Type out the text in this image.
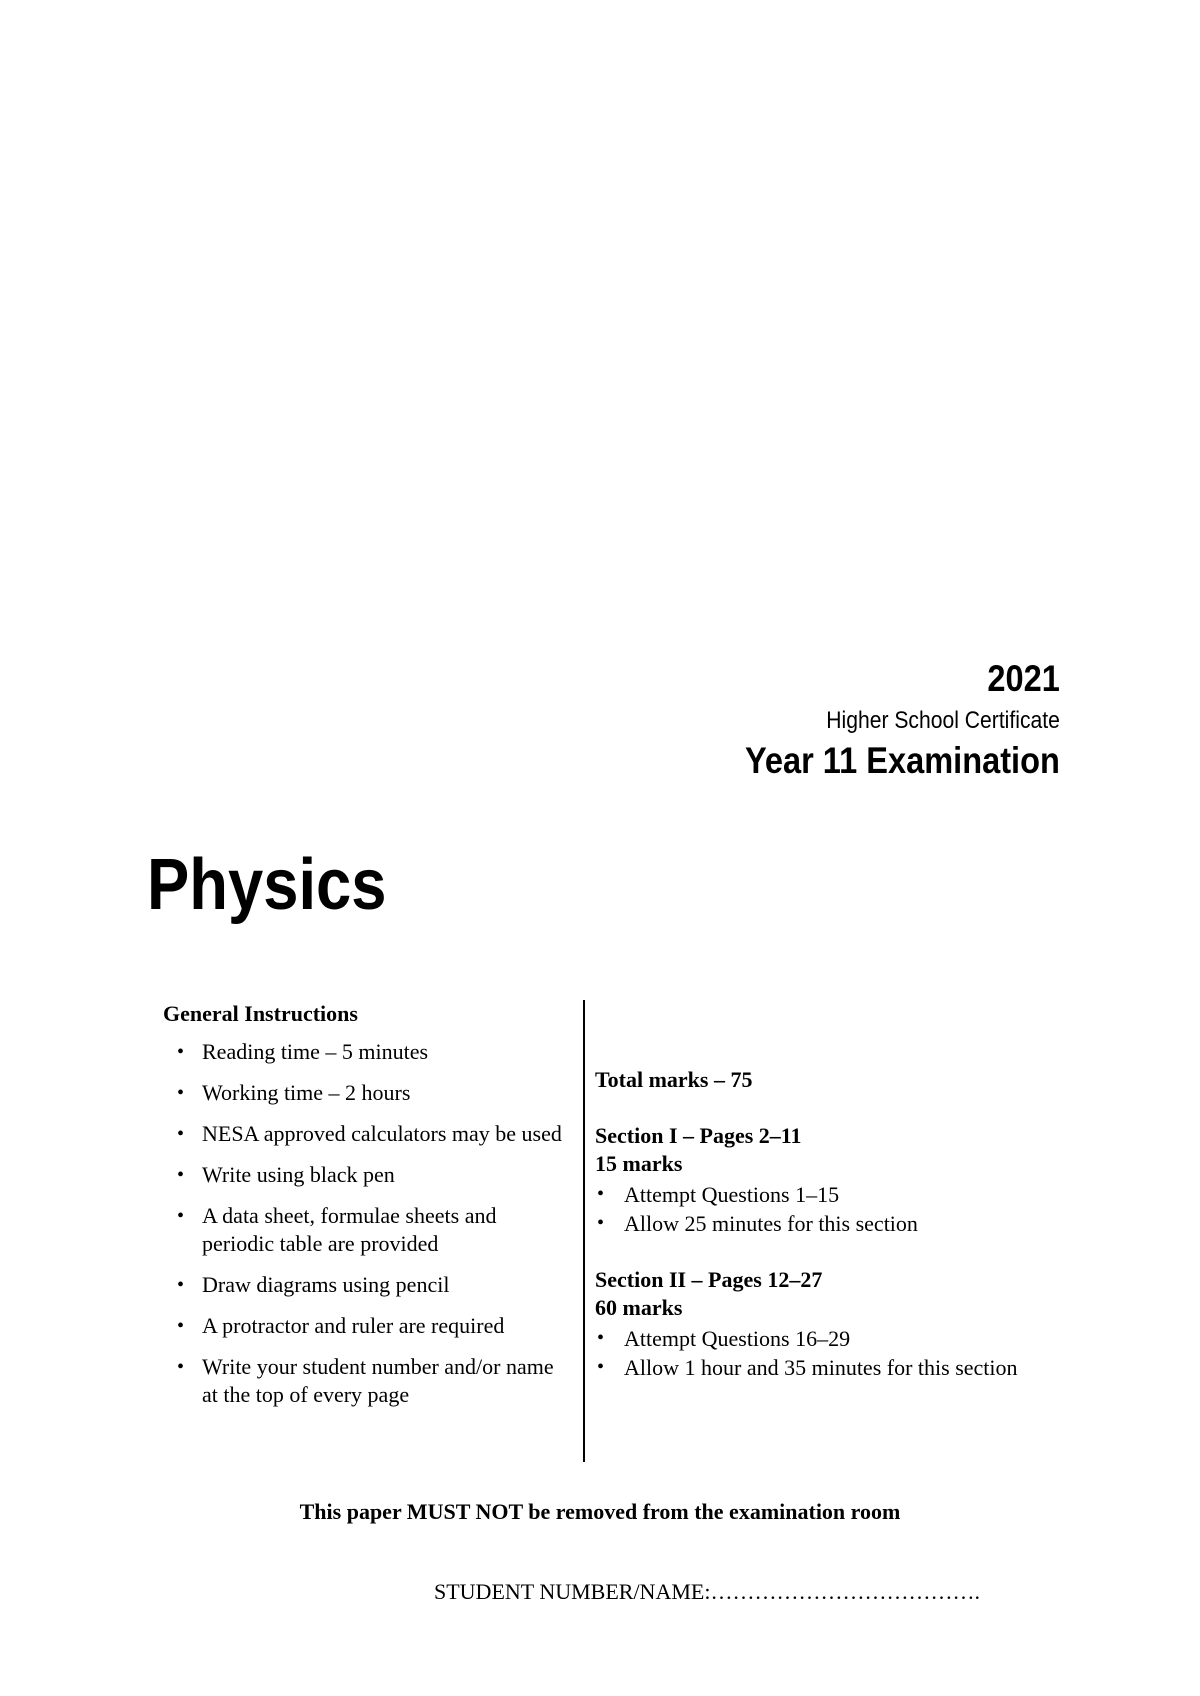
2021
Higher School Certificate
Year 11 Examination
Physics
General Instructions
• Reading time – 5 minutes
• Working time – 2 hours
• NESA approved calculators may be used
• Write using black pen
• A data sheet, formulae sheets and periodic table are provided
• Draw diagrams using pencil
• A protractor and ruler are required
• Write your student number and/or name at the top of every page
Total marks – 75
Section I – Pages 2–11
15 marks
• Attempt Questions 1–15
• Allow 25 minutes for this section
Section II – Pages 12–27
60 marks
• Attempt Questions 16–29
• Allow 1 hour and 35 minutes for this section
This paper MUST NOT be removed from the examination room
STUDENT NUMBER/NAME:……………………………….
